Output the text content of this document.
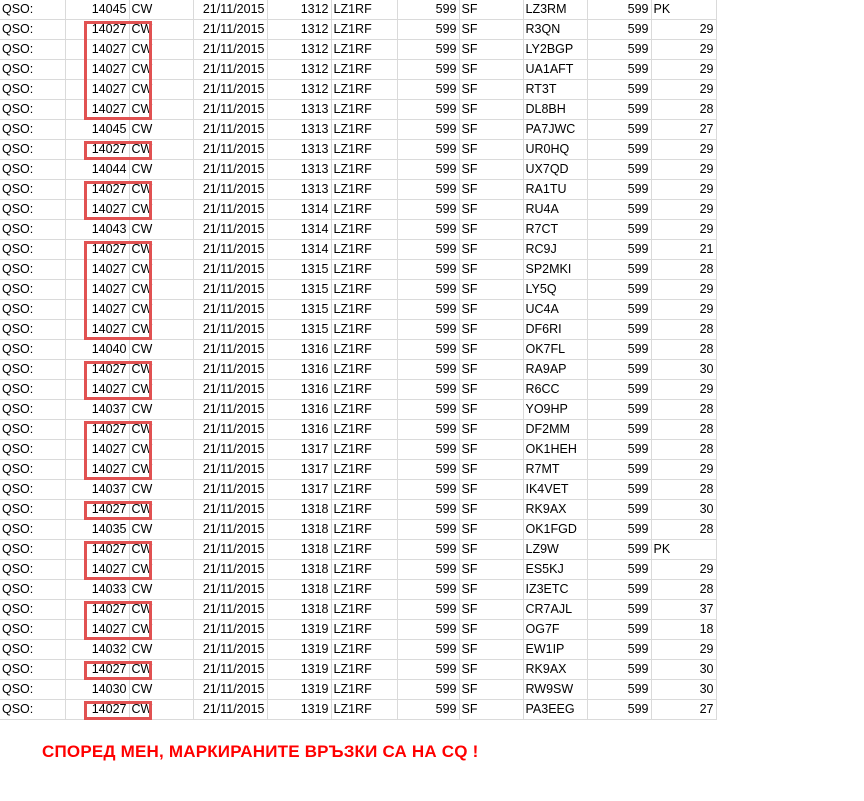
QSO:	14045	CW	21/11/2015	1312	LZ1RF	599	SF	LZ3RM	599	PK
QSO:	14027	CW	21/11/2015	1312	LZ1RF	599	SF	R3QN	599	29
QSO:	14027	CW	21/11/2015	1312	LZ1RF	599	SF	LY2BGP	599	29
QSO:	14027	CW	21/11/2015	1312	LZ1RF	599	SF	UA1AFT	599	29
QSO:	14027	CW	21/11/2015	1312	LZ1RF	599	SF	RT3T	599	29
QSO:	14027	CW	21/11/2015	1313	LZ1RF	599	SF	DL8BH	599	28
QSO:	14045	CW	21/11/2015	1313	LZ1RF	599	SF	PA7JWC	599	27
QSO:	14027	CW	21/11/2015	1313	LZ1RF	599	SF	UR0HQ	599	29
QSO:	14044	CW	21/11/2015	1313	LZ1RF	599	SF	UX7QD	599	29
QSO:	14027	CW	21/11/2015	1313	LZ1RF	599	SF	RA1TU	599	29
QSO:	14027	CW	21/11/2015	1314	LZ1RF	599	SF	RU4A	599	29
QSO:	14043	CW	21/11/2015	1314	LZ1RF	599	SF	R7CT	599	29
QSO:	14027	CW	21/11/2015	1314	LZ1RF	599	SF	RC9J	599	21
QSO:	14027	CW	21/11/2015	1315	LZ1RF	599	SF	SP2MKI	599	28
QSO:	14027	CW	21/11/2015	1315	LZ1RF	599	SF	LY5Q	599	29
QSO:	14027	CW	21/11/2015	1315	LZ1RF	599	SF	UC4A	599	29
QSO:	14027	CW	21/11/2015	1315	LZ1RF	599	SF	DF6RI	599	28
QSO:	14040	CW	21/11/2015	1316	LZ1RF	599	SF	OK7FL	599	28
QSO:	14027	CW	21/11/2015	1316	LZ1RF	599	SF	RA9AP	599	30
QSO:	14027	CW	21/11/2015	1316	LZ1RF	599	SF	R6CC	599	29
QSO:	14037	CW	21/11/2015	1316	LZ1RF	599	SF	YO9HP	599	28
QSO:	14027	CW	21/11/2015	1316	LZ1RF	599	SF	DF2MM	599	28
QSO:	14027	CW	21/11/2015	1317	LZ1RF	599	SF	OK1HEH	599	28
QSO:	14027	CW	21/11/2015	1317	LZ1RF	599	SF	R7MT	599	29
QSO:	14037	CW	21/11/2015	1317	LZ1RF	599	SF	IK4VET	599	28
QSO:	14027	CW	21/11/2015	1318	LZ1RF	599	SF	RK9AX	599	30
QSO:	14035	CW	21/11/2015	1318	LZ1RF	599	SF	OK1FGD	599	28
QSO:	14027	CW	21/11/2015	1318	LZ1RF	599	SF	LZ9W	599	PK
QSO:	14027	CW	21/11/2015	1318	LZ1RF	599	SF	ES5KJ	599	29
QSO:	14033	CW	21/11/2015	1318	LZ1RF	599	SF	IZ3ETC	599	28
QSO:	14027	CW	21/11/2015	1318	LZ1RF	599	SF	CR7AJL	599	37
QSO:	14027	CW	21/11/2015	1319	LZ1RF	599	SF	OG7F	599	18
QSO:	14032	CW	21/11/2015	1319	LZ1RF	599	SF	EW1IP	599	29
QSO:	14027	CW	21/11/2015	1319	LZ1RF	599	SF	RK9AX	599	30
QSO:	14030	CW	21/11/2015	1319	LZ1RF	599	SF	RW9SW	599	30
QSO:	14027	CW	21/11/2015	1319	LZ1RF	599	SF	PA3EEG	599	27
СПОРЕД МЕН, МАРКИРАНИТЕ ВРЪЗКИ СА НА CQ !
